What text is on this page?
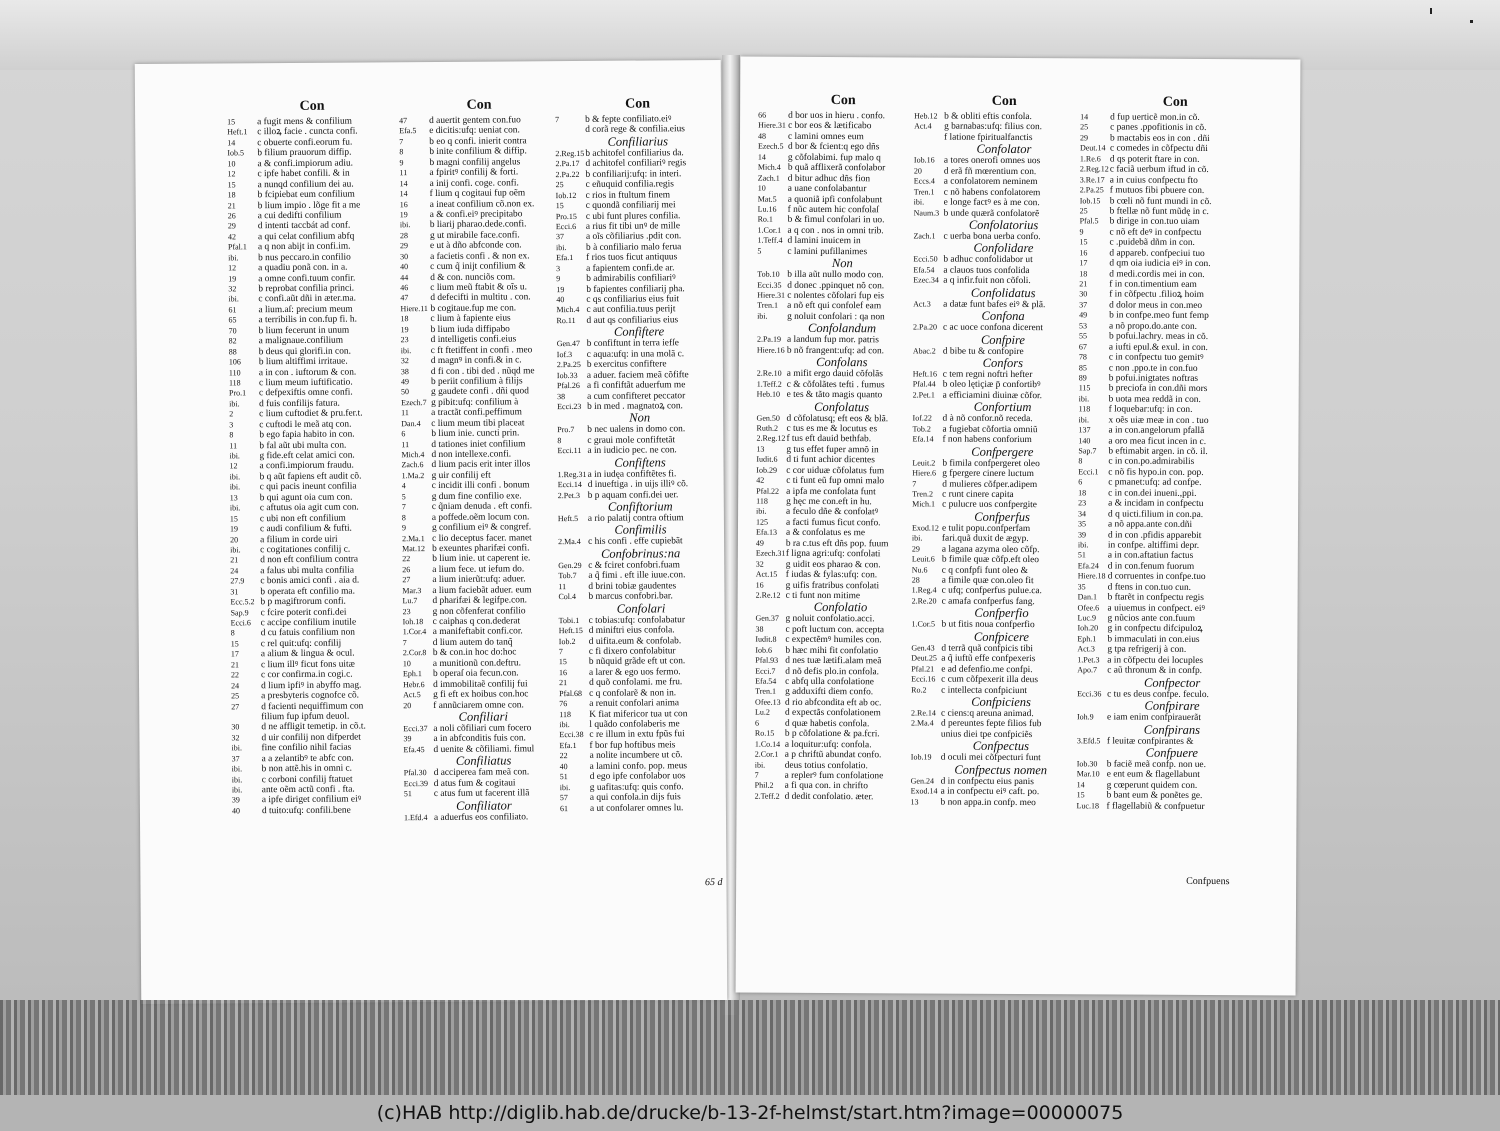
Con
15 a fugit mens & confilium
Heft.1 c illoꝝ facie . cuncta confi.
14 c obuerte confi.eorum fu.
Iob.5 b filium prauorum diffip.
10 a & confi.impiorum adiu.
12 c ipfe habet confili. & in
15 a nunqd confilium dei au.
18 b fcipiebat eum confilium
21 b lium impio . lõge fit a me
26 a cui dedifti confilium
29 d intenti taccbát ad conf.
42 a qui celat confilium abfq
Pfal.1 a q non abijt in confi.im.
ibi. b nus peccaro.in confilio
12 a quadiu ponã con. in a.
19 a omne confi.tuum confir.
32 b reprobat confilia princi.
ibi. c confi.aũt dñi in æter.ma.
61 a lium.aſ: precium meum
65 a terribilis in con.fup fi. h.
70 b lium fecerunt in unum
82 a malignaue.confilium
88 b deus qui glorifi.in con.
106 b lium altiffimi irritaue.
110 a in con . iuftorum & con.
118 c lium meum iuftificatio.
Pro.1 c defpexiftis omne confi.
ibi. d fuis confilijs fatura.
2	c lium cuftodiet & pru.fer.t.
3	c cuftodi le meã atq con.
8	b ego fapia habito in con.
11 b fal aũt ubi multa con.
ibi. g fide.eft celat amici con.
12 a confi.impiorum fraudu.
ibi. b q aũt fapiens eft audit cõ.
ibi. c qui pacis ineunt confilia
13 b qui agunt oia cum con.
ibi. c aftutus oia agit cum con.
15 c ubi non eft confilium
19 c audi confilium & fufti.
20 a filium in corde uiri
ibi. c cogitationes confilij c.
21 d non eft confilium contra
24 a falus ubi multa confilia
27.9 c bonis amici confi . aia d.
31 b operata eft confilio ma.
Ecc.5.2 b p magiftrorum confi.
Sap.9 c fcire poterit confi.dei
Ecci.6 c accipe confilium inutile
8	d cu fatuis confilium non
15 c rel quit:ufq: confilij
17 a alium & lingua & ocul.
21 c lium illꝰ ficut fons uitæ
22 c cor confirma.in cogi.c.
24 d lium ipfiꝰ in abyffo mag.
25 a presbyteris cognofce cõ.
27 d facienti nequiffimum con
filium fup ipfum deuol.
30 d ne affligit temetip. in cõ.t.
32 d uir confilij non difperdet
ibi. fine confilio nihil facias
37 a a zelantibꝰ te abfc con.
ibi. b non attẽ.his in omni c.
ibi. c corboni confilij ftatuet
ibi. ante oẽm actũ confi . fta.
39 a ipfe diriget confilium eiꝰ
40 d tuito:ufq: confili.bene
Con
47 d auertit gentem con.fuo
Efa.5 e dicitis:ufq: ueniat con.
7	b eo q confi. inierit contra
8	b inite confilium & diffip.
9	b magni confilij angelus
11 a fpiritꝰ confilij & forti.
14 a inij confi. coge. confi.
14 f lium q cogitaui fup oẽm
16 a ineat confilium cõ.non ex.
19 a & confi.eiꝰ precipitabo
ibi. b liarij pharao.dede.confi.
28 g ut mirabile face.confi.
29 e ut à dño abfconde con.
30 a facietis confi . & non ex.
40 c cum q̃ inijt confilium &
44 d & con. nunciõs com.
46 c lium meũ ftabit & oĩs u.
47 d defecifti in multitu . con.
Hiere.11 b cogitaue.fup me con.
18 c lium à fapiente eius
19 b lium iuda diffipabo
23 d intelligetis confi.eius
ibi. c ft ftetiffent in confi . meo
32 d magnꝰ in confi.& in c.
38 d fi con . tibi ded . nũqd me
49 b periit confilium à filijs
50 g gaudete confi . dñi quod
Ezech.7 g pibit:ufq: confilium à
11 a tractãt confi.peffimum
Dan.4 c lium meum tibi placeat
6	b lium inie. cuncti prin.
11 d tationes iniet confilium
Mich.4 d non intellexe.confi.
Zach.6 d lium pacis erit inter illos
1.Ma.2 g uir confilij eft
4	c incidit illi confi . bonum
5	g dum fine confilio exe.
7	c q̃niam denuda . eft confi.
8	a poffede.oẽm locum con.
9	g confilium eiꝰ & congref.
2.Ma.1 c lio deceptus facer. manet
Mat.12 b exeuntes pharifæi confi.
22 b lium inie. ut caperent ie.
26 a lium fece. ut iefum do.
27 a lium inierũt:ufq: aduer.
Mar.3 a lium faciebãt aduer. eum
Lu.7 d pharifæi & legifpe.con.
23 g non cõfenferat confilio
Ioh.18 c caiphas q con.dederat
1.Cor.4 a manifeftabit confi.cor.
7	d lium autem do tanq̃
2.Cor.8 b & con.in hoc do:hoc
10 a munitionũ con.deftru.
Eph.1 b operaſ oia fecun.con.
Hebr.6 d immobilitaẽ confilij fui
Act.5 g fi eft ex hoibus con.hoc
20 f annũciarem omne con.
Confiliari
Ecci.37 a noli cõfiliari cum focero
39 a in abfconditis fuis con.
Efa.45 d uenite & cõfiliami. fimul
Confiliatus
Pfal.30 d acciperea fam meã con.
Ecci.39 d atus fum & cogitaui
51 c atus fum ut facerent illã
Confiliator
1.Efd.4 a aduerfus eos confiliato.
Con
7	b & fepte confiliato.eiꝰ
d corã rege & confilia.eius
Confiliarius
2.Reg.15b achitofel confiliarius da.
2.Pa.17 d achitofel confiliariꝰ regis
2.Pa.22 b confiliarij:ufq: in interi.
25 c eñuquid confilia.regis
Iob.12 c rios in ftultum finem
15 c quondã confiliarij mei
Pro.15 c ubi funt plures confilia.
Ecci.6 a rius fit tibi unꝰ de mille
37 a oĩs cõfiliarius .pdit con.
ibi. b à confiliario malo ferua
Efa.1 f rios tuos ficut antiquus
3	a fapientem confi.de ar.
9	b admirabilis confiliariꝰ
19 b fapientes confiliarij pha.
40 c qs confiliarius eius fuit
Mich.4 c aut confilia.tuus perijt
Ro.11 d aut qs confiliarius eius
Confiftere
Gen.47 b confiftunt in terra iefſe
Iof.3 c aqua:ufq: in una molã c.
2.Pa.25 b exercitus confiftere
Iob.33 a aduer. faciem meã cõfifte
Pfal.26 a fi confiftãt aduerfum me
38 a cum confifteret peccator
Ecci.23 b in med . magnatoꝝ con.
Non
Pro.7 b nec ualens in domo con.
8	c graui mole confiftetãt
Ecci.11 a in iudicio pec. ne con.
Confiftens
1.Reg.31a in iudęa confiftẽtes fi.
Ecci.14 d inueftiga . in uijs illiꝰ cõ.
2.Pet.3 b p aquam confi.dei uer.
Confiftorium
Heft.5 a rio palatij contra oftium
Confimilis
2.Ma.4 c his confi . effe cupiebãt
Confobrinus:na
Gen.29 c & fciret confobri.fuam
Tob.7 a q̃ fimi . eft ille iuue.con.
11 d brini tobiæ gaudentes
Col.4 b marcus confobri.bar.
Confolari
Tobi.1 c tobias:ufq: confolabatur
Heft.15 d miniftri eius confola.
Iob.2 d uifita.eum & confolab.
7	c fi dixero confolabitur
15 b nũquid grãde eft ut con.
16 a larer & ego uos fermo.
21 d quõ confolami. me fru.
Pfal.68 c q confolarẽ & non in.
76 a renuit confolari anima
118 K fiat mifericor tua ut con
ibi. l quãdo confolaberis me
Ecci.38 c re illum in extu fpũs fui
Efa.1 f bor fup hoftibus meis
22 a nolite incumbere ut cõ.
40 a lamini confo. pop. meus
51 d ego ipfe confolabor uos
ibi. g uafitas:ufq: quis confo.
57 a qui confola.in dijs fuis
61 a ut confolarer omnes lu.
65 d
Con
66 d bor uos in hieru . confo.
Hiere.31 c bor eos & lætificabo
48 c lamini omnes eum
Ezech.5 d bor & fcient:q ego dñs
14 g cõfolabimi. fup malo q
Mich.4 b quã afflixerã confolabor
Zach.1 d bitur adhuc dñs fion
10 a uane confolabantur
Mat.5 a quoniã ipfi confolabunt
Lu.16 f nũc autem hic confolaſ
Ro.1 b & fimul confolari in uo.
1.Cor.1 a q con . nos in omni trib.
1.Teff.4 d lamini inuicem in
5	c lamini pufillanimes
Non
Tob.10 b illa aũt nullo modo con.
Ecci.35 d donec .ppinquet nõ con.
Hiere.31 c nolentes cõfolari fup eis
Tren.1 a nõ eft qui confolef eam
ibi. g noluit confolari : qa non
Confolandum
2.Pa.19 a landum fup mor. patris
Hiere.16 b nõ frangent:ufq: ad con.
Confolans
2.Re.10 a mifit ergo dauid cõfolãs
1.Teff.2 c & cõfolãtes tefti . fumus
Heb.10 e tes & tãto magis quanto
Confolatus
Gen.50 d cõfolatusq; eft eos & blã.
Ruth.2 c tus es me & locutus es
2.Reg.12f tus eft dauid bethfab.
13 g tus effet fuper amnõ in
Iudit.6 d ti funt achior dicentes
Iob.29 c cor uiduæ cõfolatus fum
42 c ti funt eũ fup omni malo
Pfal.22 a ipfa me confolata funt
118 g hęc me con.eft in hu.
ibi. a feculo dñe & confolatꝰ
125 a facti fumus ficut confo.
Efa.13 a & confolatus es me
49 b ra c.tus eft dñs pop. fuum
Ezech.31f ligna agri:ufq: confolati
32 g uidit eos pharao & con.
Act.15 f iudas & fylas:ufq: con.
16 g uifis fratribus confolati
2.Re.12 c ti funt non mitime
Confolatio
Gen.37 g noluit confolatio.acci.
38 c poft luctum con. accepta
Iudit.8 c expectẽmꝰ humiles con.
Iob.6 b hæc mihi fit confolatio
Pfal.93 d nes tuæ lætifi.alam meã
Ecci.7 d nõ defis plo.in confola.
Efa.54 c abfq ulla confolatione
Tren.1 g adduxifti diem confo.
Ofee.13 d rio abfcondita eft ab oc.
Lu.2 d expectãs confolationem
6	d quæ habetis confola.
Ro.15 b p cõfolatione & pa.fcri.
1.Co.14 a loquitur:ufq: confola.
2.Cor.1 a p chriftũ abundat confo.
ibi. deus totius confolatio.
7	a replerꝰ fum confolatione
Phil.2 a fi qua con. in chrifto
2.Teff.2 d dedit confolatio. æter.
Con
Heb.12 b & obliti eftis confola.
Act.4 g barnabas:ufq: filius con.
f latione fpiritualfanctis
Confolator
Iob.16 a tores onerofi omnes uos
20 d erã fñ mœrentium con.
Eccs.4 a confolatorem neminem
Tren.1 c nõ habens confolatorem
ibi. e longe factꝰ es à me con.
Naum.3 b unde quærã confolatorẽ
Confolatorius
Zach.1 c uerba bona uerba confo.
Confolidare
Ecci.50 b adhuc confolidabor ut
Efa.54 a clauos tuos confolida
Ezec.34 a q infir.fuit non cõfoli.
Confolidatus
Act.3 a datæ funt bafes eiꝰ & plã.
Confona
2.Pa.20 c ac uoce confona dicerent
Confpire
Abac.2 d bibe tu & confopire
Confors
Heft.16 c tem regni noftri hefter
Pfal.44 b oleo lętiçiæ p̄ confortibꝰ
2.Pet.1 a efficiamini diuinæ cõfor.
Confortium
Iof.22 d à nõ confor.nõ receda.
Tob.2 a fugiebat cõfortia omniũ
Efa.14 f non habens conforium
Confpergere
Leuit.2 b fimila confpergeret oleo
Hiere.6 g fpergere cinere luctum
7	d mulieres cõfper.adipem
Tren.2 c runt cinere capita
Mich.1 c pulucre uos confpergite
Confperfus
Exod.12 e tulit popu.confperfam
ibi. fari.quã duxit de ægyp.
29 a lagana azyma oleo cõfp.
Leuit.6 b fimile quæ cõfp.eft oleo
Nu.6 c q confpfi funt oleo &
28 a fimile quæ con.oleo fit
1.Reg.4 c ufq; confperfus pulue.ca.
2.Re.20 c amafa confperfus fang.
Confperfio
1.Cor.5 b ut fitis noua confperfio
Confpicere
Gen.43 d terrã quã confpicis tibi
Deut.25 a q̃ iuftũ effe confpexeris
Pfal.21 e ad defenfio.me confpi.
Ecci.16 c cum cõfpexerit illa deus
Ro.2 c intellecta confpiciunt
Confpiciens
2.Re.14 c ciens:q areuna animad.
2.Ma.4 d pereuntes fepte filios fub
unius diei tpe confpiciẽs
Confpectus
Iob.19 d oculi mei cõfpecturi funt
Confpectus nomen
Gen.24 d in confpectu eius panis
Exod.14 a in confpectu eiꝰ caft. po.
13 b non appa.in confp. meo
Con
14 d fup uerticẽ mon.in cõ.
25 c panes .ppofitionis in cõ.
29 b mactabis eos in con . dñi
Deut.14 c comedes in cõfpectu dñi
1.Re.6 d qs poterit ftare in con.
2.Reg.12c faciã uerbum iftud in cõ.
3.Re.17 a in cuius confpectu fto
2.Pa.25 f mutuos fibi pbuere con.
Iob.15 b cœli nõ funt mundi in cõ.
25 b ftellæ nõ funt mũdę in c.
Pfal.5 b dirige in con.tuo uiam
9	c nõ eft deꝰ in confpectu
15 c .puidebã dñm in con.
16 d appareb. confpeciui tuo
17 d qm oia iudicia eiꝰ in con.
18 d medi.cordis mei in con.
21 f in con.timentium eam
30 f in cõfpectu .filioꝝ hoim
37 d dolor meus in con.meo
49 b in confpe.meo funt femp
53 a nõ propo.do.ante con.
55 b pofui.lachry. meas in cõ.
67 a iufti epul.& exul. in con.
78 c in confpectu tuo gemitꝰ
85 c non .ppo.te in con.fuo
89 b pofui.inigtates noftras
115 b preciofa in con.dñi mors
ibi. b uota mea reddã in con.
118 f loquebar:ufq: in con.
ibi. x oẽs uiæ meæ in con . tuo
137 a in con.angelorum pfallã
140 a oro mea ficut incen in c.
Sap.7 b eftimabit argen. in cõ. il.
8	c in con.po.admirabilis
Ecci.1 c nõ fis hypo.in con. pop.
6	c pmanet:ufq: ad confpe.
18 c in con.dei inueni.,ppi.
23 a & incidam in confpectu
34 d q uicti.filium in con.pa.
35 a nõ appa.ante con.dñi
39 d in con .pfidis apparebit
ibi. in confpe. altiffimi depr.
51 a in con.aftatiun factus
Efa.24 d in con.fenum fuorum
Hiere.18 d corruentes in confpe.tuo
35 d ftens in con.tuo cun.
Dan.1 b ftarẽt in confpectu regis
Ofee.6 a uiuemus in confpect. eiꝰ
Luc.9 g nũcios ante con.fuum
Ioh.20 g in confpectu difcipuloꝝ
Eph.1 b immaculati in con.eius
Act.3 g tpa refrigerij à con.
1.Pet.3 a in cõfpectu dei locuples
Apo.7 c aũ thronum & in confp.
Confpector
Ecci.36 c tu es deus confpe. feculo.
Confpirare
Ioh.9 e iam enim confpirauerãt
Confpirans
3.Efd.5 f leuitæ confpirantes &
Confpuere
Iob.30 b faciẽ meã confp. non ue.
Mar.10 e ent eum & flagellabunt
14 g cœperunt quidem con.
15 b bant eum & ponẽtes ge.
Luc.18 f flagellabiũ & confpuetur
Confpuens
(c)HAB http://diglib.hab.de/drucke/b-13-2f-helmst/start.htm?image=00000075
